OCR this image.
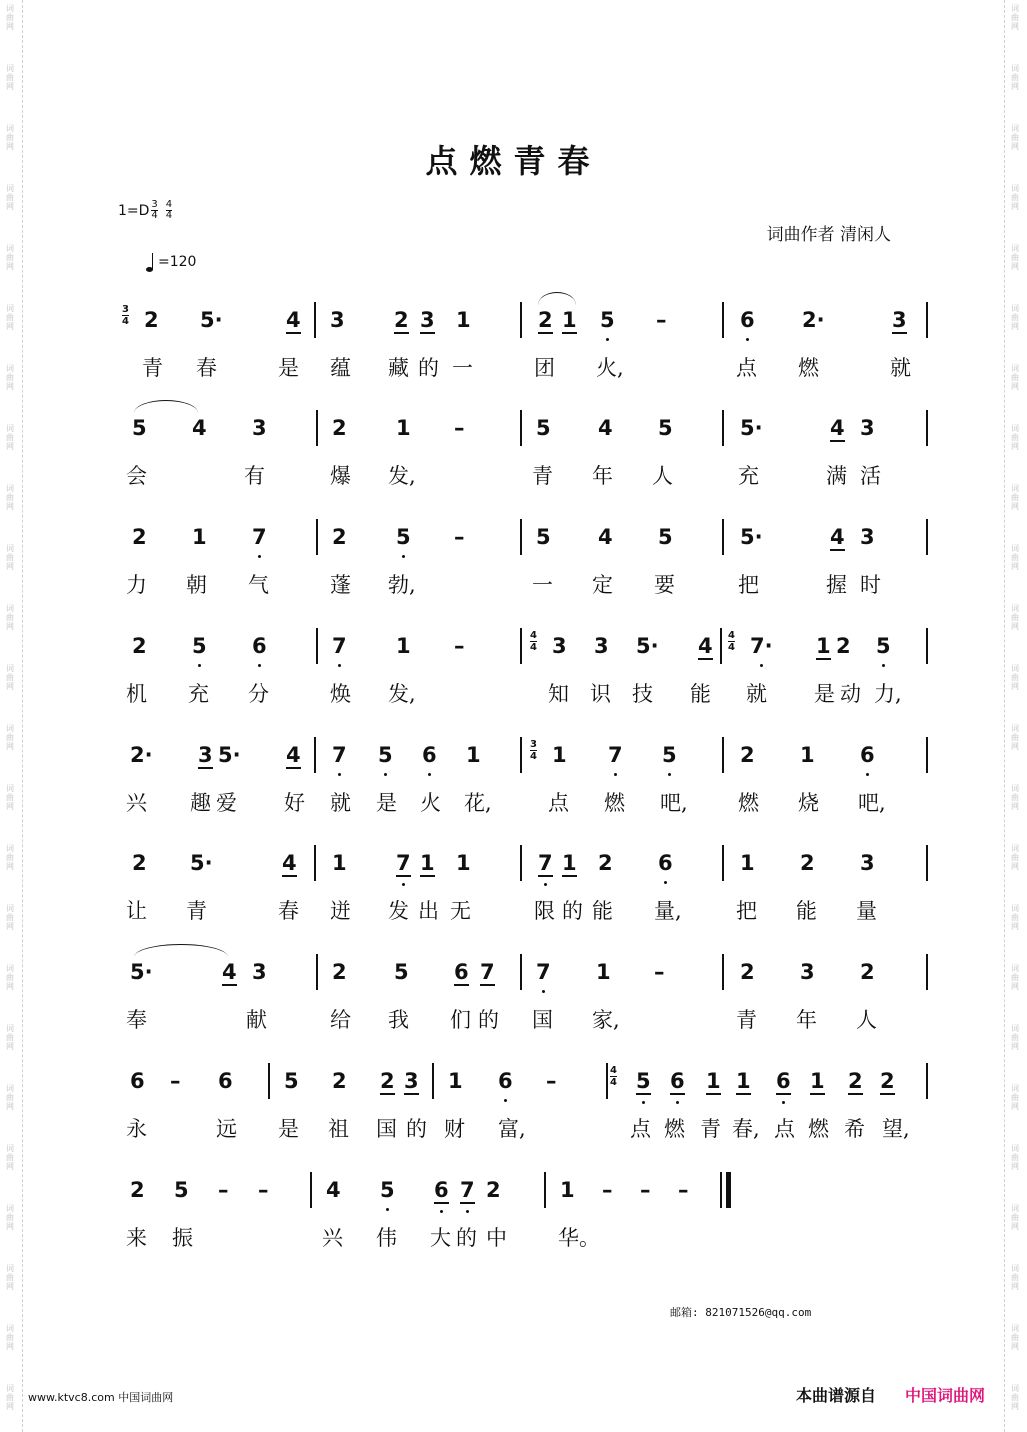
词
曲
网
词
曲
网
词
曲
网
词
曲
网
词
曲
网
词
曲
网
词
曲
网
词
曲
网
词
曲
网
词
曲
网
词
曲
网
词
曲
网
词
曲
网
词
曲
网
词
曲
网
词
曲
网
词
曲
网
词
曲
网
词
曲
网
词
曲
网
词
曲
网
词
曲
网
词
曲
网
词
曲
网
词
曲
网
词
曲
网
词
曲
网
词
曲
网
词
曲
网
词
曲
网
词
曲
网
词
曲
网
词
曲
网
词
曲
网
词
曲
网
词
曲
网
词
曲
网
词
曲
网
词
曲
网
词
曲
网
词
曲
网
词
曲
网
词
曲
网
词
曲
网
词
曲
网
词
曲
网
词
曲
网
词
曲
网
点燃青春
$1=D \frac{3}{4} \frac{4}{4}$
=120
词曲作者 清闲人
$\frac{3}{4} 2$ 5·	4 3 2 3 1	2 1 5 –	6 2·	3
青 春	是 蕴 藏 的 一	团 火,	点 燃	就
5 4 3	2 1 –	5 4 5	5·	4 3
会	有	爆 发,	青 年 人	充	满 活
2 1 7	2 5 –	5 4 5	5·	4 3
力 朝 气	蓬 勃,	一 定 要	把	握 时
2 5 6	7 1 –	$\frac{4}{4} 3$ 3 $5\cdot 4 \frac{4}{4} 7\cdot 1$ 2 5
机 充 分	焕 发,	知 识 技 能 就 是 动 力,
2· 3 5· 4 7 5 6 1	$\frac{3}{4} 1$ 7 5	2 1 6
兴 趣 爱 好 就 是 火 花,	点 燃 吧, 燃 烧 吧,
2 5·	4 1 7 1 1	7 1 2 6	1 2 3
让 青	春 迸 发 出 无	限 的 能 量,	把 能 量
5·	4 3	2 5 6 7 7 1 –	2 3 2
奉	献	给 我 们 的 国 家,	青 年 人
6 – 6 5 2 2 3 1 6 –	$\frac{4}{4} 5$ 6 1 1 6 1 2 2
永	远 是 祖 国 的 财 富,	点 燃 青 春, 点 燃 希 望,
2 5 – –	4 5 6 7 2	1 – – –
来 振	兴 伟 大 的 中 华。
邮箱: 821071526@qq.com
www.ktvc8.com 中国词曲网	本曲谱源自 中国词曲网
